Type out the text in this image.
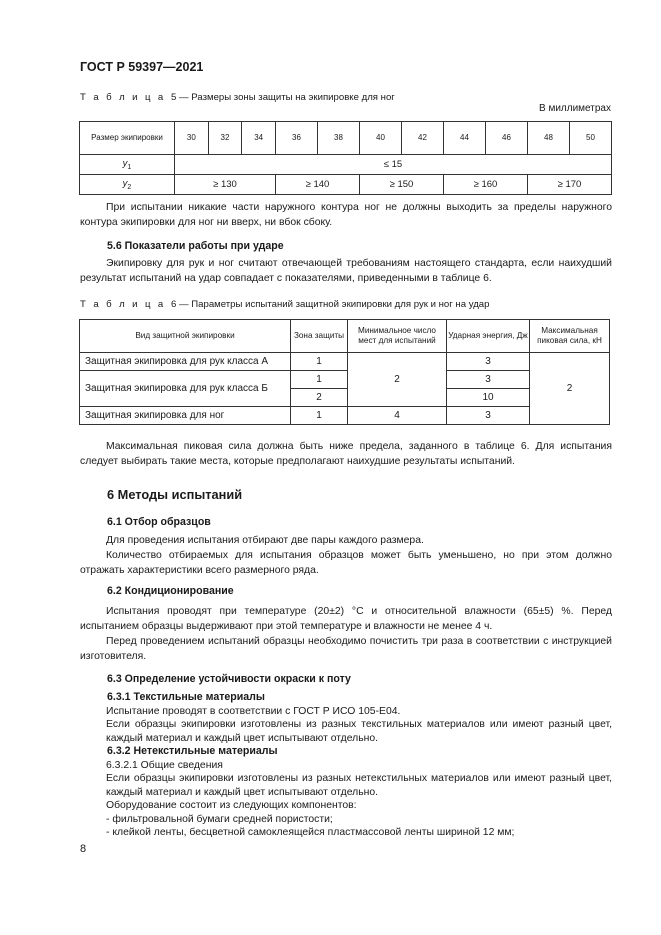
ГОСТ Р 59397—2021
Т а б л и ц а 5 — Размеры зоны защиты на экипировке для ног
В миллиметрах
Размер экипировки	30	32	34	36	38	40	42	44	46	48	50
$y_1$	≤ 15										
$y_2$	≥ 130			≥ 140		≥ 150		≥ 160		≥ 170	
При испытании никакие части наружного контура ног не должны выходить за пределы наружного контура экипировки для ног ни вверх, ни вбок сбоку.
5.6 Показатели работы при ударе
Экипировку для рук и ног считают отвечающей требованиям настоящего стандарта, если наихудший результат испытаний на удар совпадает с показателями, приведенными в таблице 6.
Т а б л и ц а 6 — Параметры испытаний защитной экипировки для рук и ног на удар
Вид защитной экипировки	Зона защиты	Минимальное число мест для испытаний	Ударная энергия, Дж	Максимальная пиковая сила, кН
Защитная экипировка для рук класса А	1	2	3	2
Защитная экипировка для рук класса Б	1		3	
	2		10	
Защитная экипировка для ног	1	4	3	
Максимальная пиковая сила должна быть ниже предела, заданного в таблице 6. Для испытания следует выбирать такие места, которые предполагают наихудшие результаты испытаний.
6 Методы испытаний
6.1 Отбор образцов
Для проведения испытания отбирают две пары каждого размера.
Количество отбираемых для испытания образцов может быть уменьшено, но при этом должно отражать характеристики всего размерного ряда.
6.2 Кондиционирование
Испытания проводят при температуре (20±2) °С и относительной влажности (65±5) %. Перед испытанием образцы выдерживают при этой температуре и влажности не менее 4 ч.
Перед проведением испытаний образцы необходимо почистить три раза в соответствии с инструкцией изготовителя.
6.3 Определение устойчивости окраски к поту
6.3.1 Текстильные материалы
Испытание проводят в соответствии с ГОСТ Р ИСО 105-Е04.
Если образцы экипировки изготовлены из разных текстильных материалов или имеют разный цвет, каждый материал и каждый цвет испытывают отдельно.
6.3.2 Нетекстильные материалы
6.3.2.1 Общие сведения
Если образцы экипировки изготовлены из разных нетекстильных материалов или имеют разный цвет, каждый материал и каждый цвет испытывают отдельно.
Оборудование состоит из следующих компонентов:
- фильтровальной бумаги средней пористости;
- клейкой ленты, бесцветной самоклеящейся пластмассовой ленты шириной 12 мм;
8
